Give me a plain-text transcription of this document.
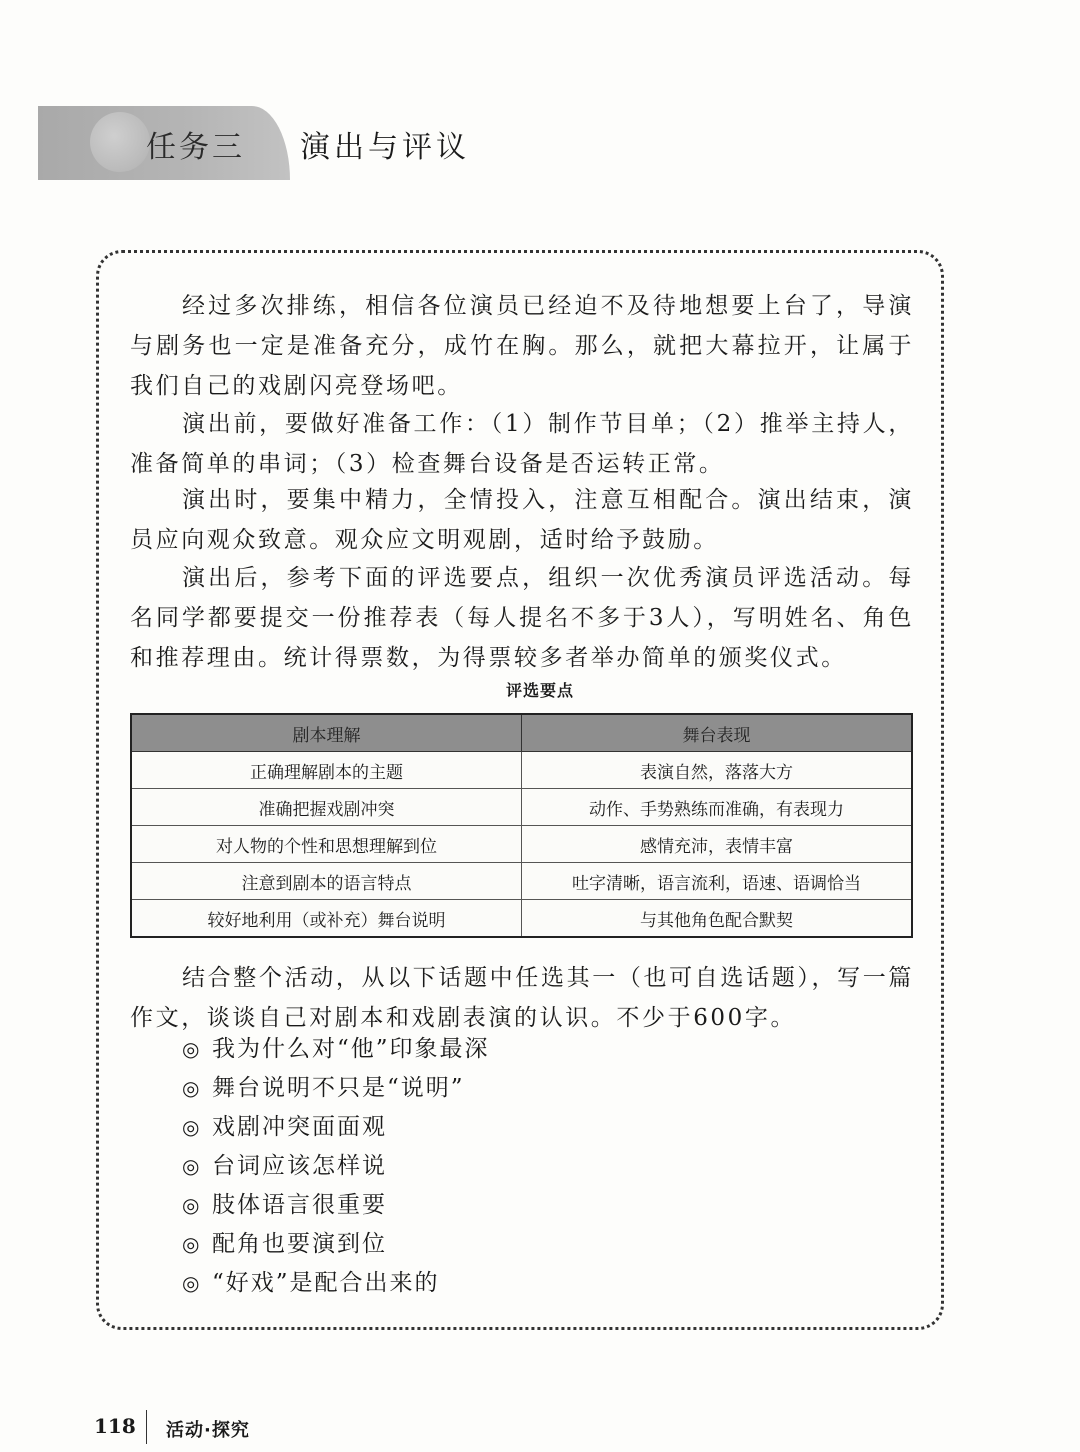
任务三 演出与评议

经过多次排练，相信各位演员已经迫不及待地想要上台了，导演与剧务也一定是准备充分，成竹在胸。那么，就把大幕拉开，让属于我们自己的戏剧闪亮登场吧。

演出前，要做好准备工作：（1）制作节目单；（2）推举主持人，准备简单的串词；（3）检查舞台设备是否运转正常。

演出时，要集中精力，全情投入，注意互相配合。演出结束，演员应向观众致意。观众应文明观剧，适时给予鼓励。

演出后，参考下面的评选要点，组织一次优秀演员评选活动。每名同学都要提交一份推荐表（每人提名不多于3人），写明姓名、角色和推荐理由。统计得票数，为得票较多者举办简单的颁奖仪式。

评选要点
剧本理解	舞台表现
正确理解剧本的主题	表演自然，落落大方
准确把握戏剧冲突	动作、手势熟练而准确，有表现力
对人物的个性和思想理解到位	感情充沛，表情丰富
注意到剧本的语言特点	吐字清晰，语言流利，语速、语调恰当
较好地利用（或补充）舞台说明	与其他角色配合默契

结合整个活动，从以下话题中任选其一（也可自选话题），写一篇作文，谈谈自己对剧本和戏剧表演的认识。不少于600字。

◎ 我为什么对“他”印象最深
◎ 舞台说明不只是“说明”
◎ 戏剧冲突面面观
◎ 台词应该怎样说
◎ 肢体语言很重要
◎ 配角也要演到位
◎ “好戏”是配合出来的
118 活动·探究
